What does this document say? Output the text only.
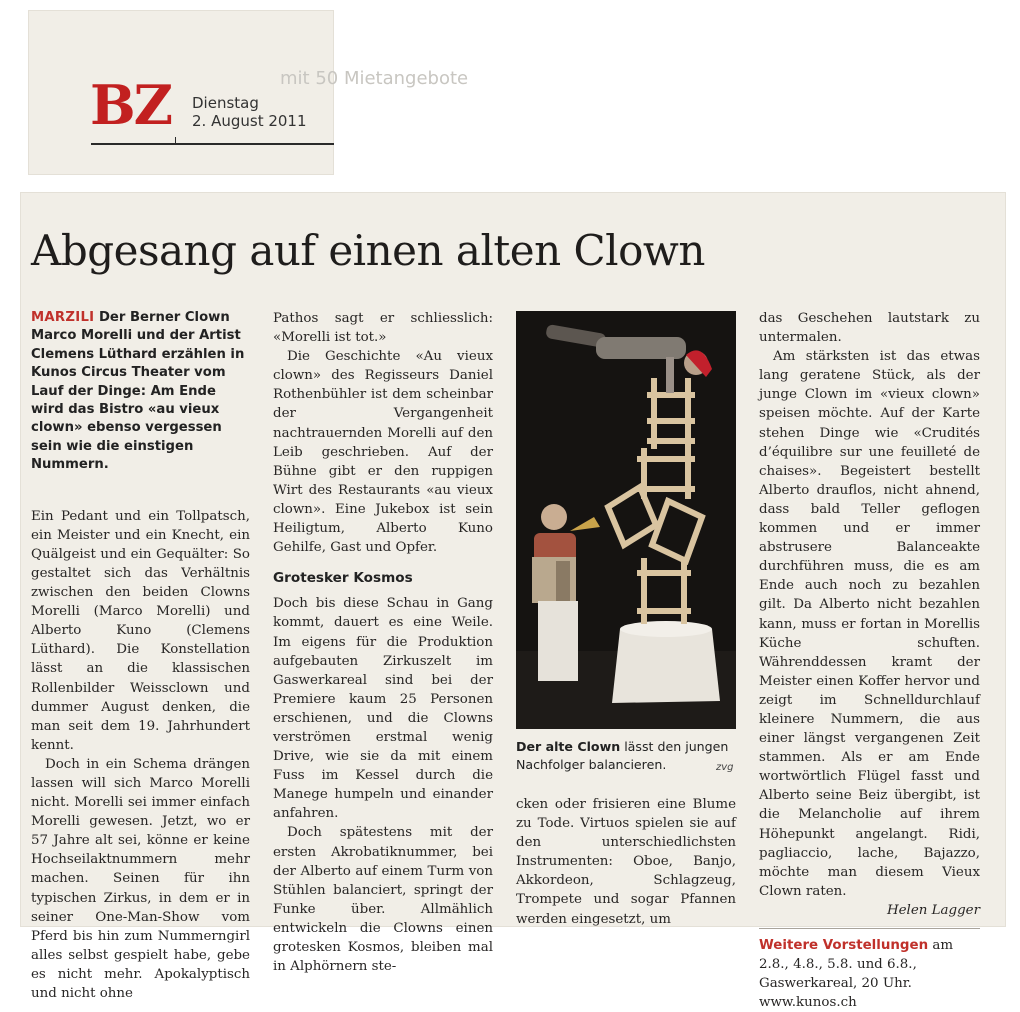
mit 50 Mietangebote
BZ Dienstag
2. August 2011
Abgesang auf einen alten Clown

MARZILI Der Berner Clown Marco Morelli und der Artist Clemens Lüthard erzählen in Kunos Circus Theater vom Lauf der Dinge: Am Ende wird das Bistro «au vieux clown» ebenso vergessen sein wie die einstigen Nummern.

Ein Pedant und ein Tollpatsch, ein Meister und ein Knecht, ein Quälgeist und ein Gequälter: So gestaltet sich das Verhältnis zwischen den beiden Clowns Morelli (Marco Morelli) und Alberto Kuno (Clemens Lüthard). Die Konstellation lässt an die klassischen Rollenbilder Weissclown und dummer August denken, die man seit dem 19. Jahrhundert kennt.

Doch in ein Schema drängen lassen will sich Marco Morelli nicht. Morelli sei immer einfach Morelli gewesen. Jetzt, wo er 57 Jahre alt sei, könne er keine Hochseilaktnummern mehr machen. Seinen für ihn typischen Zirkus, in dem er in seiner One-Man-Show vom Pferd bis hin zum Nummerngirl alles selbst gespielt habe, gebe es nicht mehr. Apokalyptisch und nicht ohne

Pathos sagt er schliesslich: «Morelli ist tot.»

Die Geschichte «Au vieux clown» des Regisseurs Daniel Rothenbühler ist dem scheinbar der Vergangenheit nachtrauernden Morelli auf den Leib geschrieben. Auf der Bühne gibt er den ruppigen Wirt des Restaurants «au vieux clown». Eine Jukebox ist sein Heiligtum, Alberto Kuno Gehilfe, Gast und Opfer.

Grotesker Kosmos

Doch bis diese Schau in Gang kommt, dauert es eine Weile. Im eigens für die Produktion aufgebauten Zirkuszelt im Gaswerkareal sind bei der Premiere kaum 25 Personen erschienen, und die Clowns verströmen erstmal wenig Drive, wie sie da mit einem Fuss im Kessel durch die Manege humpeln und einander anfahren.

Doch spätestens mit der ersten Akrobatiknummer, bei der Alberto auf einem Turm von Stühlen balanciert, springt der Funke über. Allmählich entwickeln die Clowns einen grotesken Kosmos, bleiben mal in Alphörnern ste-

Der alte Clown lässt den jungen Nachfolger balancieren.	zvg

cken oder frisieren eine Blume zu Tode. Virtuos spielen sie auf den unterschiedlichsten Instrumenten: Oboe, Banjo, Akkordeon, Schlagzeug, Trompete und sogar Pfannen werden eingesetzt, um

das Geschehen lautstark zu untermalen.

Am stärksten ist das etwas lang geratene Stück, als der junge Clown im «vieux clown» speisen möchte. Auf der Karte stehen Dinge wie «Crudités d’équilibre sur une feuilleté de chaises». Begeistert bestellt Alberto drauflos, nicht ahnend, dass bald Teller geflogen kommen und er immer abstrusere Balanceakte durchführen muss, die es am Ende auch noch zu bezahlen gilt. Da Alberto nicht bezahlen kann, muss er fortan in Morellis Küche schuften. Währenddessen kramt der Meister einen Koffer hervor und zeigt im Schnelldurchlauf kleinere Nummern, die aus einer längst vergangenen Zeit stammen. Als er am Ende wortwörtlich Flügel fasst und Alberto seine Beiz übergibt, ist die Melancholie auf ihrem Höhepunkt angelangt. Ridi, pagliaccio, lache, Bajazzo, möchte man diesem Vieux Clown raten.

Helen Lagger

Weitere Vorstellungen am 2.8., 4.8., 5.8. und 6.8., Gaswerkareal, 20 Uhr. www.kunos.ch
